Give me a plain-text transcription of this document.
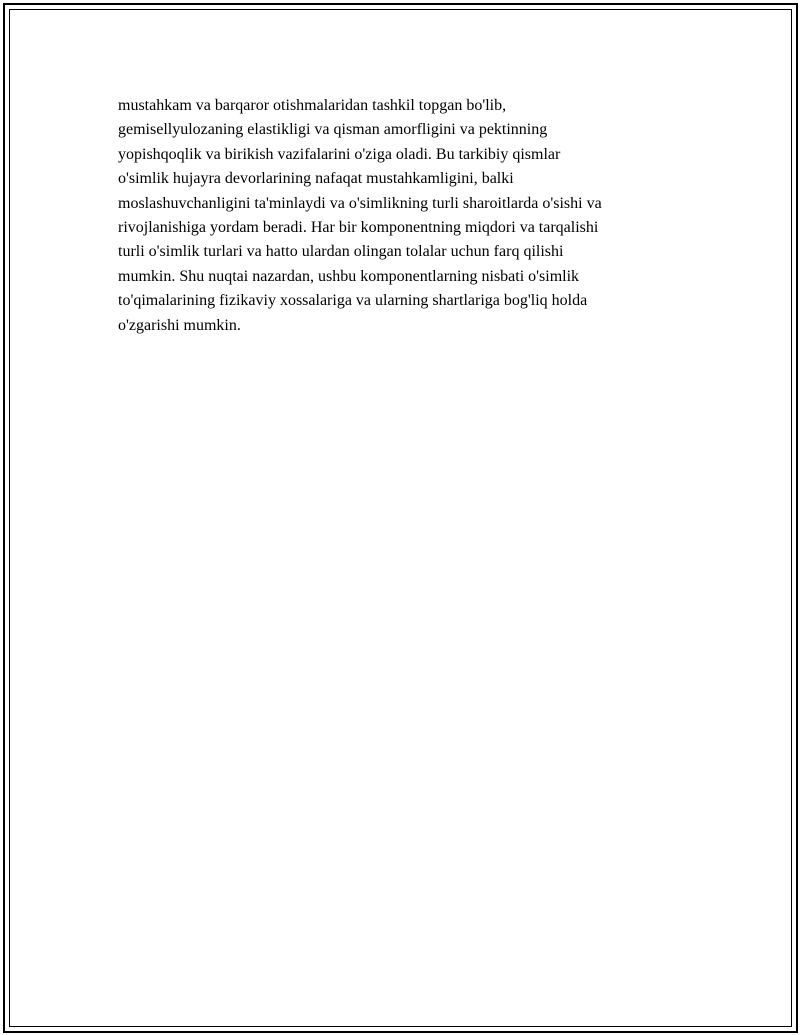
mustahkam va barqaror otishmalaridan tashkil topgan bo'lib,
gemisellyulozaning elastikligi va qisman amorfligini va pektinning
yopishqoqlik va birikish vazifalarini o'ziga oladi. Bu tarkibiy qismlar
o'simlik hujayra devorlarining nafaqat mustahkamligini, balki
moslashuvchanligini ta'minlaydi va o'simlikning turli sharoitlarda o'sishi va
rivojlanishiga yordam beradi. Har bir komponentning miqdori va tarqalishi
turli o'simlik turlari va hatto ulardan olingan tolalar uchun farq qilishi
mumkin. Shu nuqtai nazardan, ushbu komponentlarning nisbati o'simlik
to'qimalarining fizikaviy xossalariga va ularning shartlariga bog'liq holda
o'zgarishi mumkin.
